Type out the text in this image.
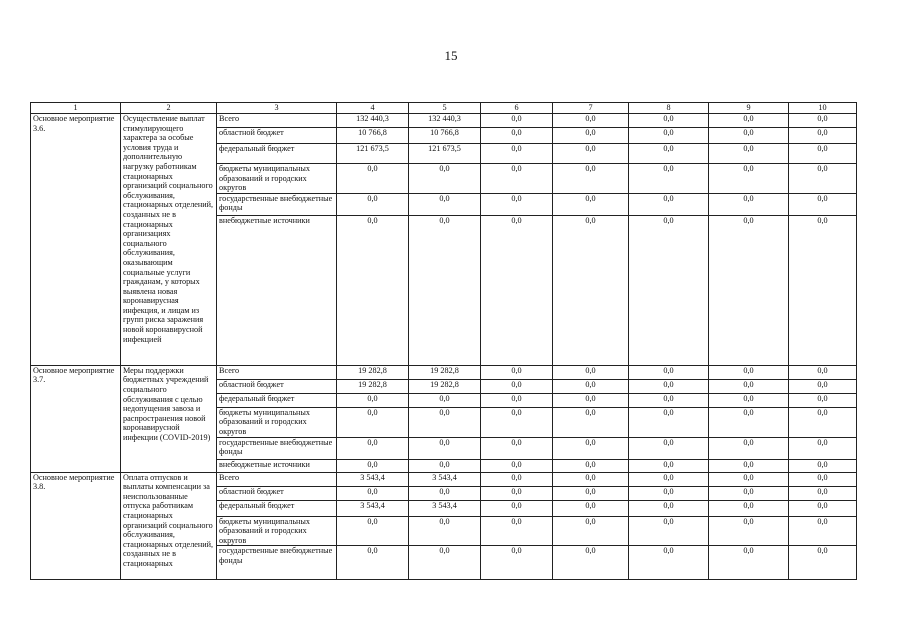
15
1	2	3	4	5	6	7	8	9	10
Основное мероприятие 3.6.	Осуществление выплат стимулирующего характера за особые условия труда и дополнительную нагрузку работникам стационарных организаций социального обслуживания, стационарных отделений, созданных не в стационарных организациях социального обслуживания, оказывающим социальные услуги гражданам, у которых выявлена новая коронавирусная инфекция, и лицам из групп риска заражения новой коронавирусной инфекцией	Всего	132 440,3	132 440,3	0,0	0,0	0,0	0,0	0,0
		областной бюджет	10 766,8	10 766,8	0,0	0,0	0,0	0,0	0,0
		федеральный бюджет	121 673,5	121 673,5	0,0	0,0	0,0	0,0	0,0
		бюджеты муниципальных образований и городских округов	0,0	0,0	0,0	0,0	0,0	0,0	0,0
		государственные внебюджетные фонды	0,0	0,0	0,0	0,0	0,0	0,0	0,0
		внебюджетные источники	0,0	0,0	0,0	0,0	0,0	0,0	0,0
Основное мероприятие 3.7.	Меры поддержки бюджетных учреждений социального обслуживания с целью недопущения завоза и распространения новой коронавирусной инфекции (COVID-2019)	Всего	19 282,8	19 282,8	0,0	0,0	0,0	0,0	0,0
		областной бюджет	19 282,8	19 282,8	0,0	0,0	0,0	0,0	0,0
		федеральный бюджет	0,0	0,0	0,0	0,0	0,0	0,0	0,0
		бюджеты муниципальных образований и городских округов	0,0	0,0	0,0	0,0	0,0	0,0	0,0
		государственные внебюджетные фонды	0,0	0,0	0,0	0,0	0,0	0,0	0,0
		внебюджетные источники	0,0	0,0	0,0	0,0	0,0	0,0	0,0
Основное мероприятие 3.8.	Оплата отпусков и выплаты компенсации за неиспользованные отпуска работникам стационарных организаций социального обслуживания, стационарных отделений, созданных не в стационарных	Всего	3 543,4	3 543,4	0,0	0,0	0,0	0,0	0,0
		областной бюджет	0,0	0,0	0,0	0,0	0,0	0,0	0,0
		федеральный бюджет	3 543,4	3 543,4	0,0	0,0	0,0	0,0	0,0
		бюджеты муниципальных образований и городских округов	0,0	0,0	0,0	0,0	0,0	0,0	0,0
		государственные внебюджетные фонды	0,0	0,0	0,0	0,0	0,0	0,0	0,0
